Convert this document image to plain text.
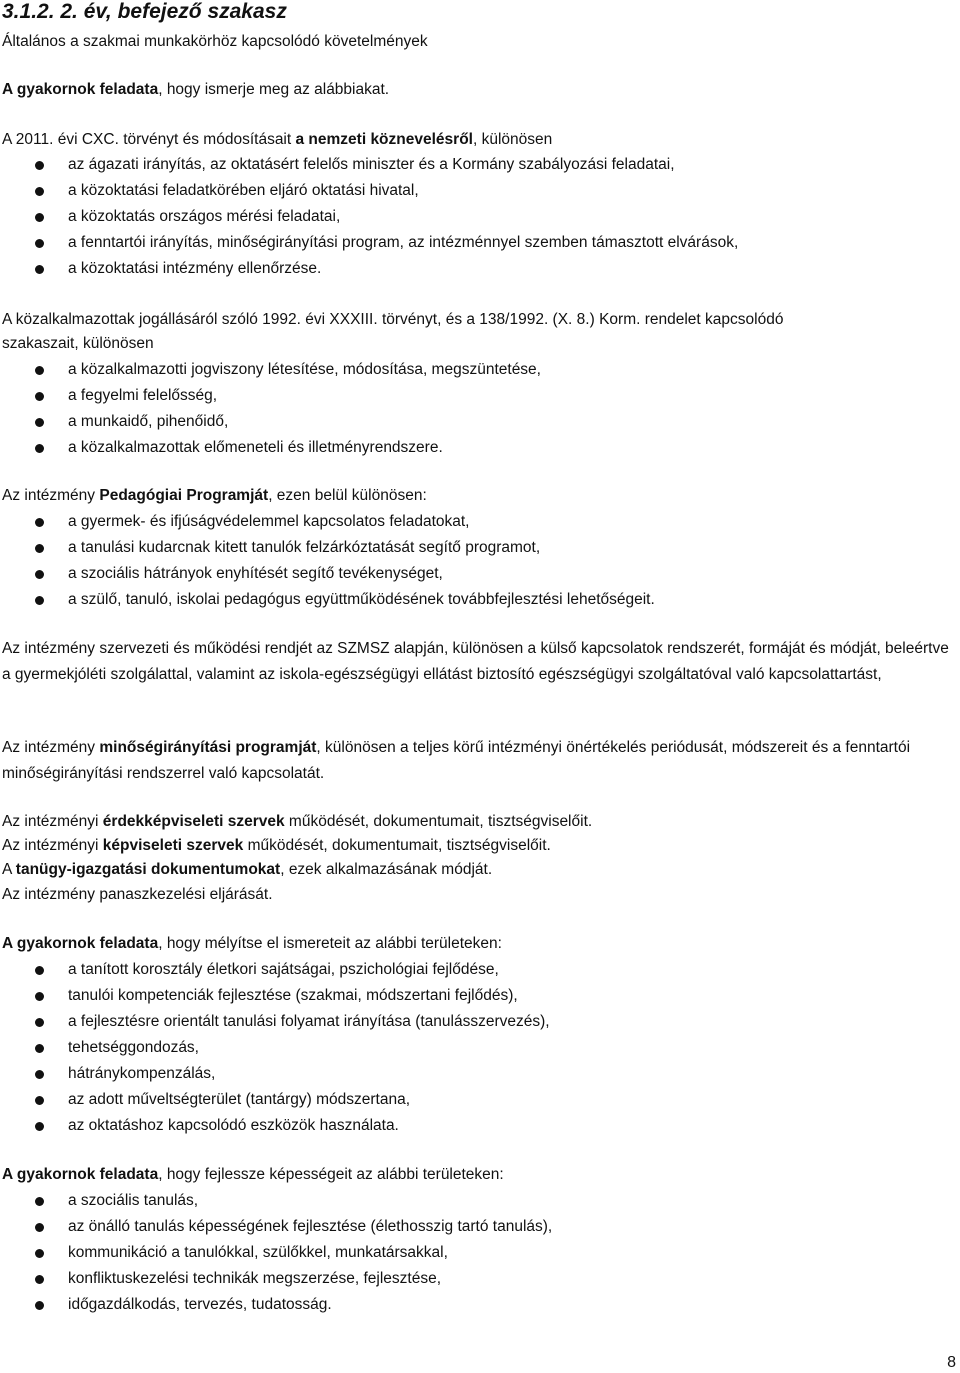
3.1.2. 2. év, befejező szakasz

Általános a szakmai munkakörhöz kapcsolódó követelmények

A gyakornok feladata, hogy ismerje meg az alábbiakat.

A 2011. évi CXC. törvényt és módosításait a nemzeti köznevelésről, különösen

az ágazati irányítás, az oktatásért felelős miniszter és a Kormány szabályozási feladatai,
a közoktatási feladatkörében eljáró oktatási hivatal,
a közoktatás országos mérési feladatai,
a fenntartói irányítás, minőségirányítási program, az intézménnyel szemben támasztott elvárások,
a közoktatási intézmény ellenőrzése.

A közalkalmazottak jogállásáról szóló 1992. évi XXXIII. törvényt, és a 138/1992. (X. 8.) Korm. rendelet kapcsolódó

szakaszait, különösen

a közalkalmazotti jogviszony létesítése, módosítása, megszüntetése,
a fegyelmi felelősség,
a munkaidő, pihenőidő,
a közalkalmazottak előmeneteli és illetményrendszere.

Az intézmény Pedagógiai Programját, ezen belül különösen:

a gyermek- és ifjúságvédelemmel kapcsolatos feladatokat,
a tanulási kudarcnak kitett tanulók felzárkóztatását segítő programot,
a szociális hátrányok enyhítését segítő tevékenységet,
a szülő, tanuló, iskolai pedagógus együttműködésének továbbfejlesztési lehetőségeit.

Az intézmény szervezeti és működési rendjét az SZMSZ alapján, különösen a külső kapcsolatok rendszerét, formáját és módját, beleértve a gyermekjóléti szolgálattal, valamint az iskola-egészségügyi ellátást biztosító egészségügyi szolgáltatóval való kapcsolattartást,

Az intézmény minőségirányítási programját, különösen a teljes körű intézményi önértékelés periódusát, módszereit és a fenntartói minőségirányítási rendszerrel való kapcsolatát.

Az intézményi érdekképviseleti szervek működését, dokumentumait, tisztségviselőit.

Az intézményi képviseleti szervek működését, dokumentumait, tisztségviselőit.

A tanügy-igazgatási dokumentumokat, ezek alkalmazásának módját.

Az intézmény panaszkezelési eljárását.

A gyakornok feladata, hogy mélyítse el ismereteit az alábbi területeken:

a tanított korosztály életkori sajátságai, pszichológiai fejlődése,
tanulói kompetenciák fejlesztése (szakmai, módszertani fejlődés),
a fejlesztésre orientált tanulási folyamat irányítása (tanulásszervezés),
tehetséggondozás,
hátránykompenzálás,
az adott műveltségterület (tantárgy) módszertana,
az oktatáshoz kapcsolódó eszközök használata.

A gyakornok feladata, hogy fejlessze képességeit az alábbi területeken:

a szociális tanulás,
az önálló tanulás képességének fejlesztése (élethosszig tartó tanulás),
kommunikáció a tanulókkal, szülőkkel, munkatársakkal,
konfliktuskezelési technikák megszerzése, fejlesztése,
időgazdálkodás, tervezés, tudatosság.
8
